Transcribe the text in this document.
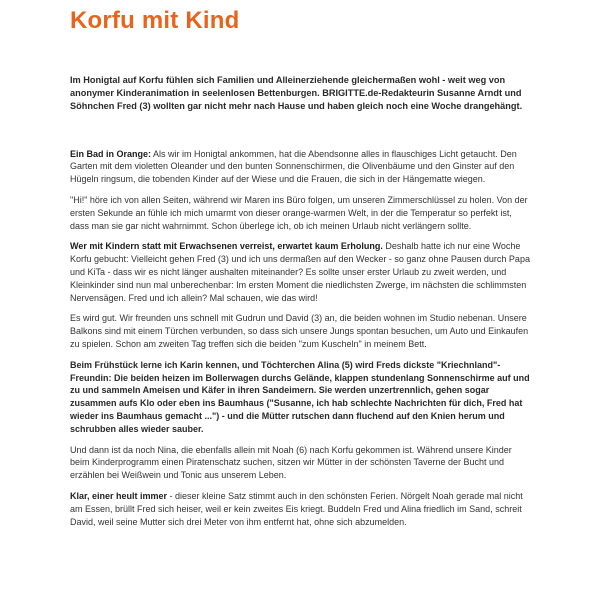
Korfu mit Kind

Im Honigtal auf Korfu fühlen sich Familien und Alleinerziehende gleichermaßen wohl - weit weg von anonymer Kinderanimation in seelenlosen Bettenburgen. BRIGITTE.de-Redakteurin Susanne Arndt und Söhnchen Fred (3) wollten gar nicht mehr nach Hause und haben gleich noch eine Woche drangehängt.

Ein Bad in Orange: Als wir im Honigtal ankommen, hat die Abendsonne alles in flauschiges Licht getaucht. Den Garten mit dem violetten Oleander und den bunten Sonnenschirmen, die Olivenbäume und den Ginster auf den Hügeln ringsum, die tobenden Kinder auf der Wiese und die Frauen, die sich in der Hängematte wiegen.

"Hi!" höre ich von allen Seiten, während wir Maren ins Büro folgen, um unseren Zimmerschlüssel zu holen. Von der ersten Sekunde an fühle ich mich umarmt von dieser orange-warmen Welt, in der die Temperatur so perfekt ist, dass man sie gar nicht wahrnimmt. Schon überlege ich, ob ich meinen Urlaub nicht verlängern sollte.

Wer mit Kindern statt mit Erwachsenen verreist, erwartet kaum Erholung. Deshalb hatte ich nur eine Woche Korfu gebucht: Vielleicht gehen Fred (3) und ich uns dermaßen auf den Wecker - so ganz ohne Pausen durch Papa und KiTa - dass wir es nicht länger aushalten miteinander? Es sollte unser erster Urlaub zu zweit werden, und Kleinkinder sind nun mal unberechenbar: Im ersten Moment die niedlichsten Zwerge, im nächsten die schlimmsten Nervensägen. Fred und ich allein? Mal schauen, wie das wird!

Es wird gut. Wir freunden uns schnell mit Gudrun und David (3) an, die beiden wohnen im Studio nebenan. Unsere Balkons sind mit einem Türchen verbunden, so dass sich unsere Jungs spontan besuchen, um Auto und Einkaufen zu spielen. Schon am zweiten Tag treffen sich die beiden "zum Kuscheln" in meinem Bett.

Beim Frühstück lerne ich Karin kennen, und Töchterchen Alina (5) wird Freds dickste "Kriechnland"-Freundin: Die beiden heizen im Bollerwagen durchs Gelände, klappen stundenlang Sonnenschirme auf und zu und sammeln Ameisen und Käfer in ihren Sandeimern. Sie werden unzertrennlich, gehen sogar zusammen aufs Klo oder eben ins Baumhaus ("Susanne, ich hab schlechte Nachrichten für dich, Fred hat wieder ins Baumhaus gemacht ...") - und die Mütter rutschen dann fluchend auf den Knien herum und schrubben alles wieder sauber.

Und dann ist da noch Nina, die ebenfalls allein mit Noah (6) nach Korfu gekommen ist. Während unsere Kinder beim Kinderprogramm einen Piratenschatz suchen, sitzen wir Mütter in der schönsten Taverne der Bucht und erzählen bei Weißwein und Tonic aus unserem Leben.

Klar, einer heult immer - dieser kleine Satz stimmt auch in den schönsten Ferien. Nörgelt Noah gerade mal nicht am Essen, brüllt Fred sich heiser, weil er kein zweites Eis kriegt. Buddeln Fred und Alina friedlich im Sand, schreit David, weil seine Mutter sich drei Meter von ihm entfernt hat, ohne sich abzumelden.
